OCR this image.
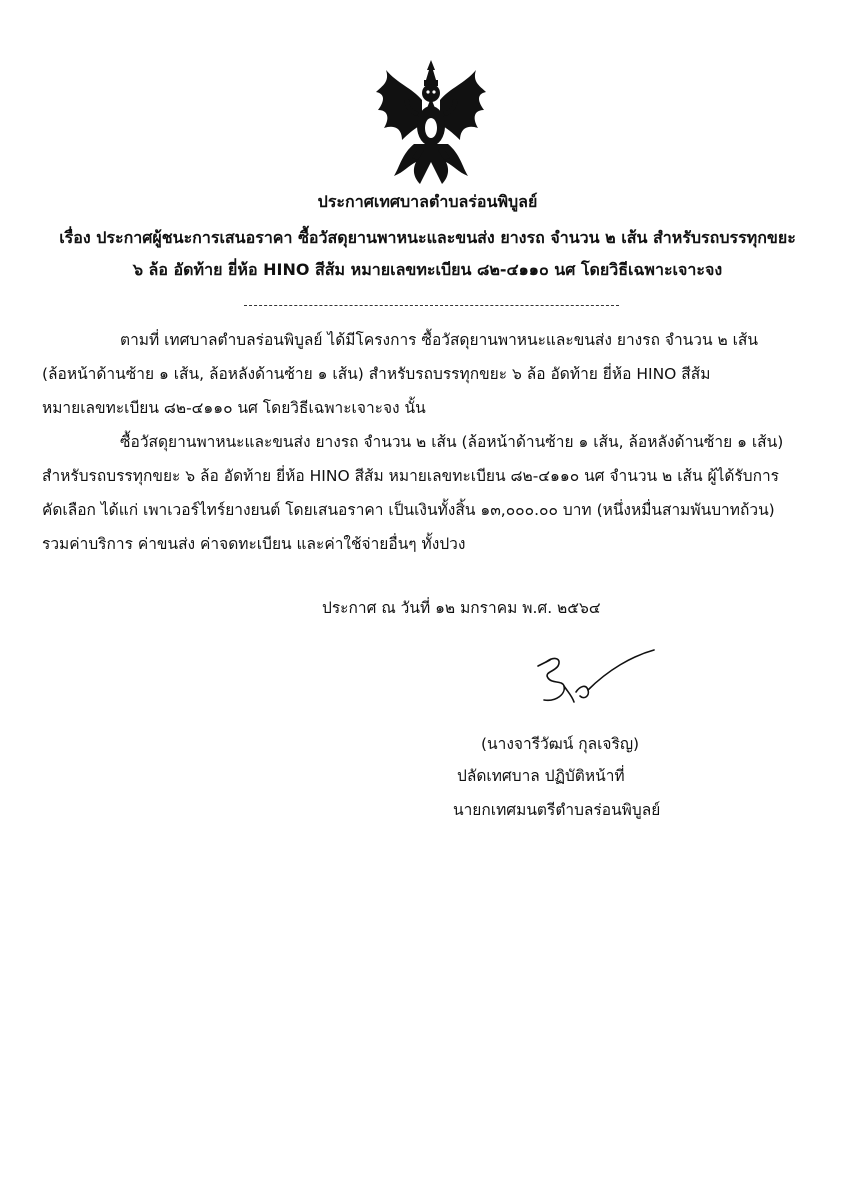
ประกาศเทศบาลตำบลร่อนพิบูลย์
เรื่อง ประกาศผู้ชนะการเสนอราคา ซื้อวัสดุยานพาหนะและขนส่ง ยางรถ จำนวน ๒ เส้น สำหรับรถบรรทุกขยะ
๖ ล้อ อัดท้าย ยี่ห้อ HINO สีส้ม หมายเลขทะเบียน ๘๒-๔๑๑๐ นศ โดยวิธีเฉพาะเจาะจง
ตามที่ เทศบาลตำบลร่อนพิบูลย์ ได้มีโครงการ ซื้อวัสดุยานพาหนะและขนส่ง ยางรถ จำนวน ๒ เส้น
(ล้อหน้าด้านซ้าย ๑ เส้น, ล้อหลังด้านซ้าย ๑ เส้น) สำหรับรถบรรทุกขยะ ๖ ล้อ อัดท้าย ยี่ห้อ HINO สีส้ม
หมายเลขทะเบียน ๘๒-๔๑๑๐ นศ โดยวิธีเฉพาะเจาะจง นั้น
ซื้อวัสดุยานพาหนะและขนส่ง ยางรถ จำนวน ๒ เส้น (ล้อหน้าด้านซ้าย ๑ เส้น, ล้อหลังด้านซ้าย ๑ เส้น)
สำหรับรถบรรทุกขยะ ๖ ล้อ อัดท้าย ยี่ห้อ HINO สีส้ม หมายเลขทะเบียน ๘๒-๔๑๑๐ นศ จำนวน ๒ เส้น ผู้ได้รับการ
คัดเลือก ได้แก่ เพาเวอร์ไทร์ยางยนต์ โดยเสนอราคา เป็นเงินทั้งสิ้น ๑๓,๐๐๐.๐๐ บาท (หนึ่งหมื่นสามพันบาทถ้วน)
รวมค่าบริการ ค่าขนส่ง ค่าจดทะเบียน และค่าใช้จ่ายอื่นๆ ทั้งปวง
ประกาศ ณ วันที่ ๑๒ มกราคม พ.ศ. ๒๕๖๔
(นางจารีวัฒน์ กุลเจริญ)
ปลัดเทศบาล ปฏิบัติหน้าที่
นายกเทศมนตรีตำบลร่อนพิบูลย์
